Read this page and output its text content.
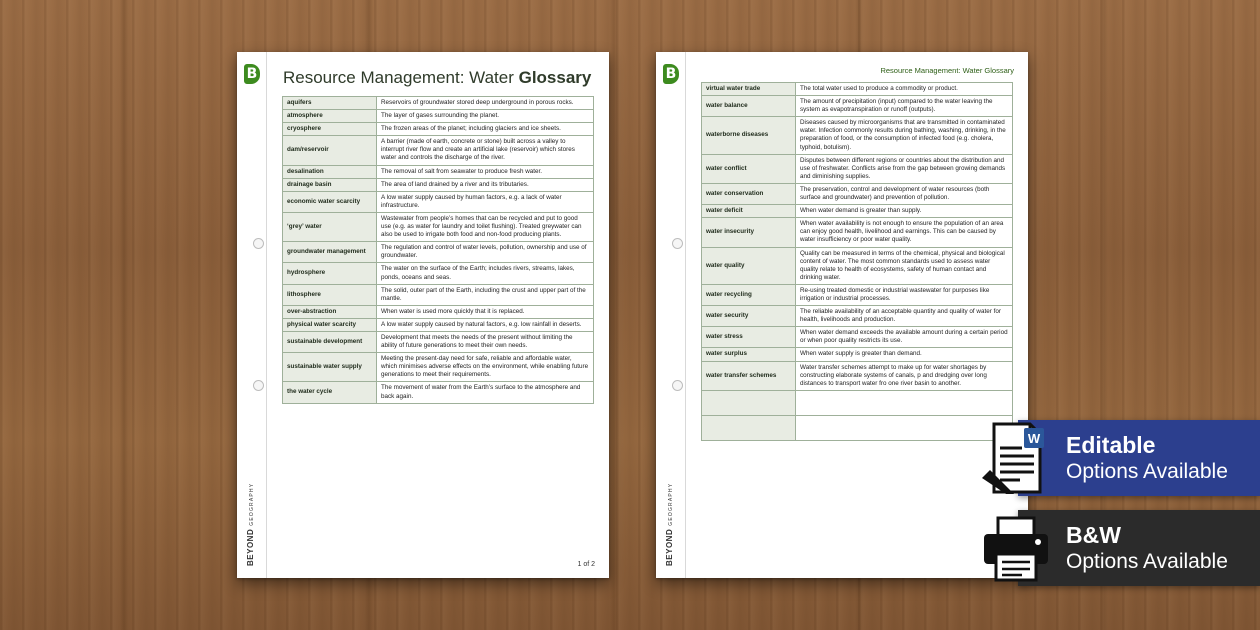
B
BEYONDGEOGRAPHY
Resource Management: Water Glossary
aquifers	Reservoirs of groundwater stored deep underground in porous rocks.
atmosphere	The layer of gases surrounding the planet.
cryosphere	The frozen areas of the planet; including glaciers and ice sheets.
dam/reservoir	A barrier (made of earth, concrete or stone) built across a valley to interrupt river flow and create an artificial lake (reservoir) which stores water and controls the discharge of the river.
desalination	The removal of salt from seawater to produce fresh water.
drainage basin	The area of land drained by a river and its tributaries.
economic water scarcity	A low water supply caused by human factors, e.g. a lack of water infrastructure.
‘grey’ water	Wastewater from people’s homes that can be recycled and put to good use (e.g. as water for laundry and toilet flushing). Treated greywater can also be used to irrigate both food and non-food producing plants.
groundwater management	The regulation and control of water levels, pollution, ownership and use of groundwater.
hydrosphere	The water on the surface of the Earth; includes rivers, streams, lakes, ponds, oceans and seas.
lithosphere	The solid, outer part of the Earth, including the crust and upper part of the mantle.
over-abstraction	When water is used more quickly that it is replaced.
physical water scarcity	A low water supply caused by natural factors, e.g. low rainfall in deserts.
sustainable development	Development that meets the needs of the present without limiting the ability of future generations to meet their own needs.
sustainable water supply	Meeting the present-day need for safe, reliable and affordable water, which minimises adverse effects on the environment, while enabling future generations to meet their requirements.
the water cycle	The movement of water from the Earth’s surface to the atmosphere and back again.
1 of 2
B
BEYONDGEOGRAPHY
Resource Management: Water Glossary
virtual water trade	The total water used to produce a commodity or product.
water balance	The amount of precipitation (input) compared to the water leaving the system as evapotranspiration or runoff (outputs).
waterborne diseases	Diseases caused by microorganisms that are transmitted in contaminated water. Infection commonly results during bathing, washing, drinking, in the preparation of food, or the consumption of infected food (e.g. cholera, typhoid, botulism).
water conflict	Disputes between different regions or countries about the distribution and use of freshwater. Conflicts arise from the gap between growing demands and diminishing supplies.
water conservation	The preservation, control and development of water resources (both surface and groundwater) and prevention of pollution.
water deficit	When water demand is greater than supply.
water insecurity	When water availability is not enough to ensure the population of an area can enjoy good health, livelihood and earnings. This can be caused by water insufficiency or poor water quality.
water quality	Quality can be measured in terms of the chemical, physical and biological content of water. The most common standards used to assess water quality relate to health of ecosystems, safety of human contact and drinking water.
water recycling	Re-using treated domestic or industrial wastewater for purposes like irrigation or industrial processes.
water security	The reliable availability of an acceptable quantity and quality of water for health, livelihoods and production.
water stress	When water demand exceeds the available amount during a certain period or when poor quality restricts its use.
water surplus	When water supply is greater than demand.
water transfer schemes	Water transfer schemes attempt to make up for water shortages by constructing elaborate systems of canals, p and dredging over long distances to transport water fro one river basin to another.

Editable
Options Available
B&W
Options Available
W
